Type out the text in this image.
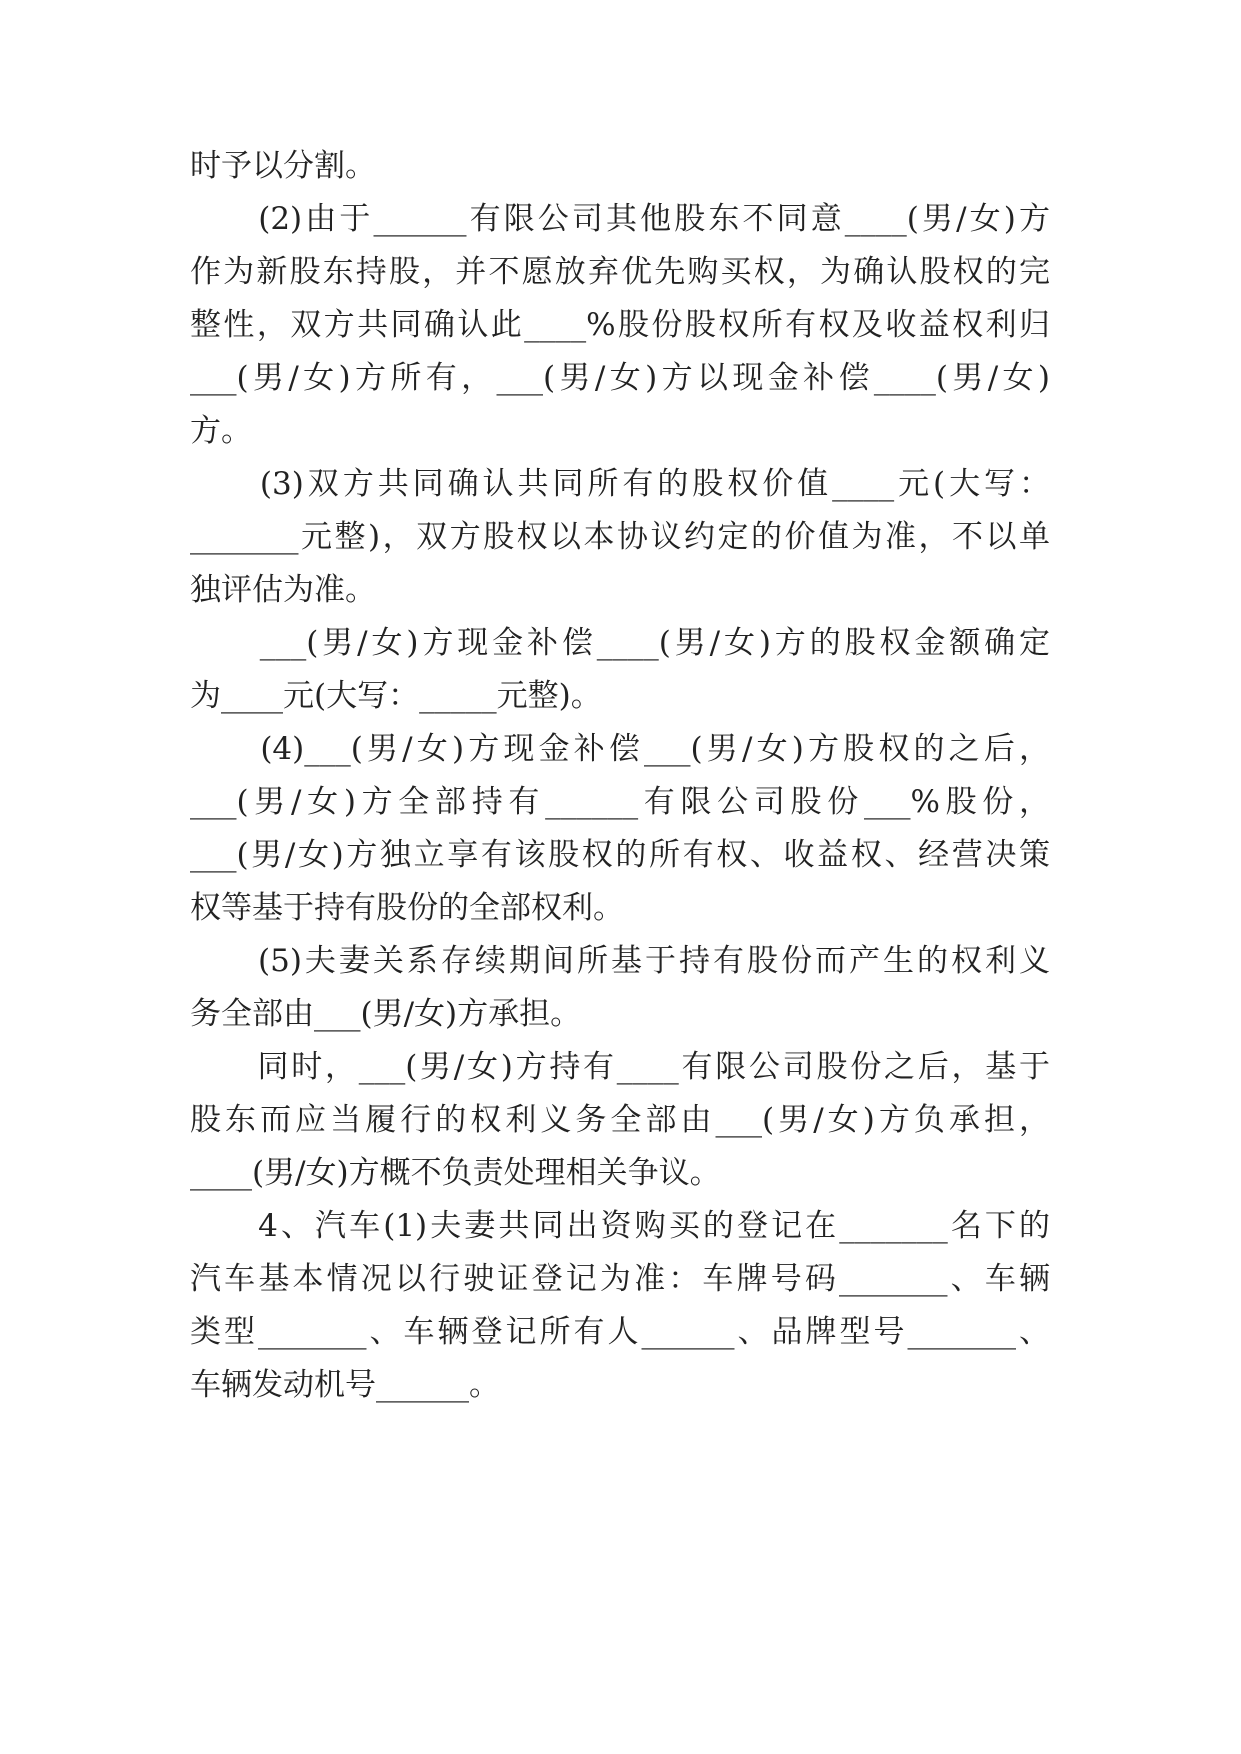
时予以分割。
　　(2)由于______有限公司其他股东不同意____(男/女)方
作为新股东持股，并不愿放弃优先购买权，为确认股权的完
整性，双方共同确认此____%股份股权所有权及收益权利归
___(男/女)方所有，___(男/女)方以现金补偿____(男/女)
方。
　　(3)双方共同确认共同所有的股权价值____元(大写：
_______元整)，双方股权以本协议约定的价值为准，不以单
独评估为准。
　　___(男/女)方现金补偿____(男/女)方的股权金额确定
为____元(大写：_____元整)。
　　(4)___(男/女)方现金补偿___(男/女)方股权的之后，
___(男/女)方全部持有______有限公司股份___%股份，
___(男/女)方独立享有该股权的所有权、收益权、经营决策
权等基于持有股份的全部权利。
　　(5)夫妻关系存续期间所基于持有股份而产生的权利义
务全部由___(男/女)方承担。
　　同时，___(男/女)方持有____有限公司股份之后，基于
股东而应当履行的权利义务全部由___(男/女)方负承担，
____(男/女)方概不负责处理相关争议。
　　4、汽车(1)夫妻共同出资购买的登记在_______名下的
汽车基本情况以行驶证登记为准：车牌号码_______、车辆
类型_______、车辆登记所有人______、品牌型号_______、
车辆发动机号______。
